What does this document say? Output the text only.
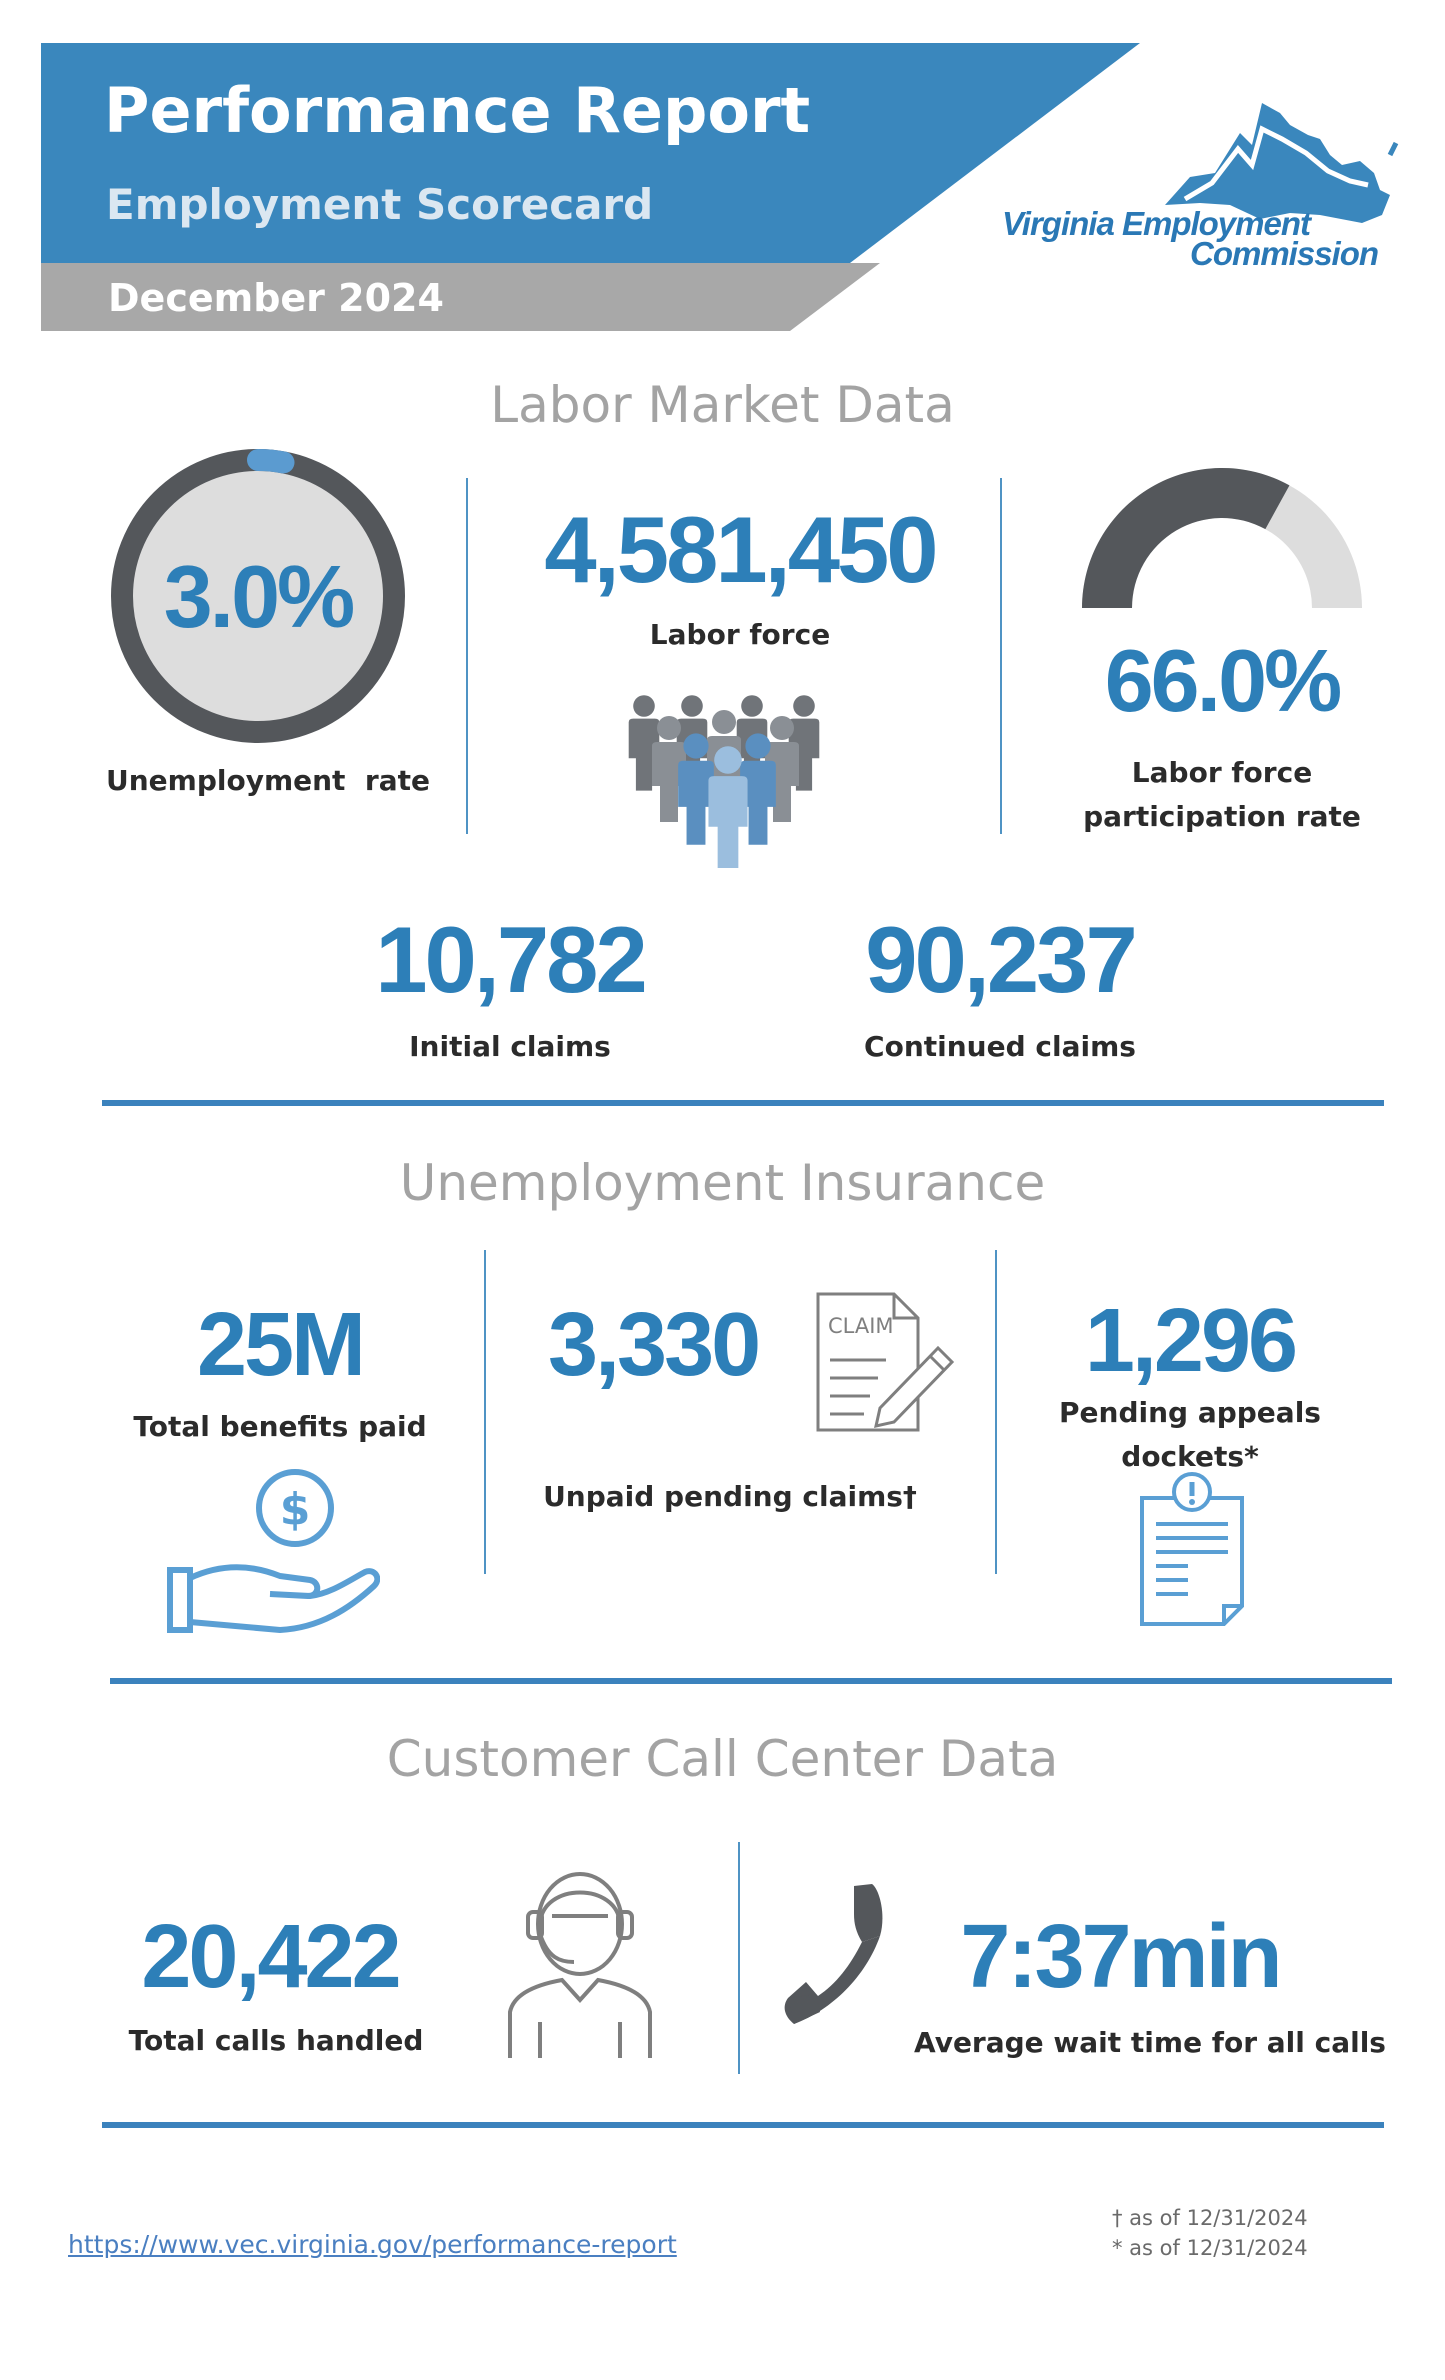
Performance Report
Employment Scorecard
December 2024
Virginia Employment
Commission
Labor Market Data
3.0%
Unemployment  rate
4,581,450
Labor force	66.0%
Labor force
participation rate
10,782
Initial claims
90,237
Continued claims
Unemployment Insurance
25M
Total benefits paid
$
3,330	CLAIM
Unpaid pending claims†
1,296
Pending appeals
dockets*
Customer Call Center Data
20,422
Total calls handled
7:37min
Average wait time for all calls
https://www.vec.virginia.gov/performance-report
† as of 12/31/2024
* as of 12/31/2024
